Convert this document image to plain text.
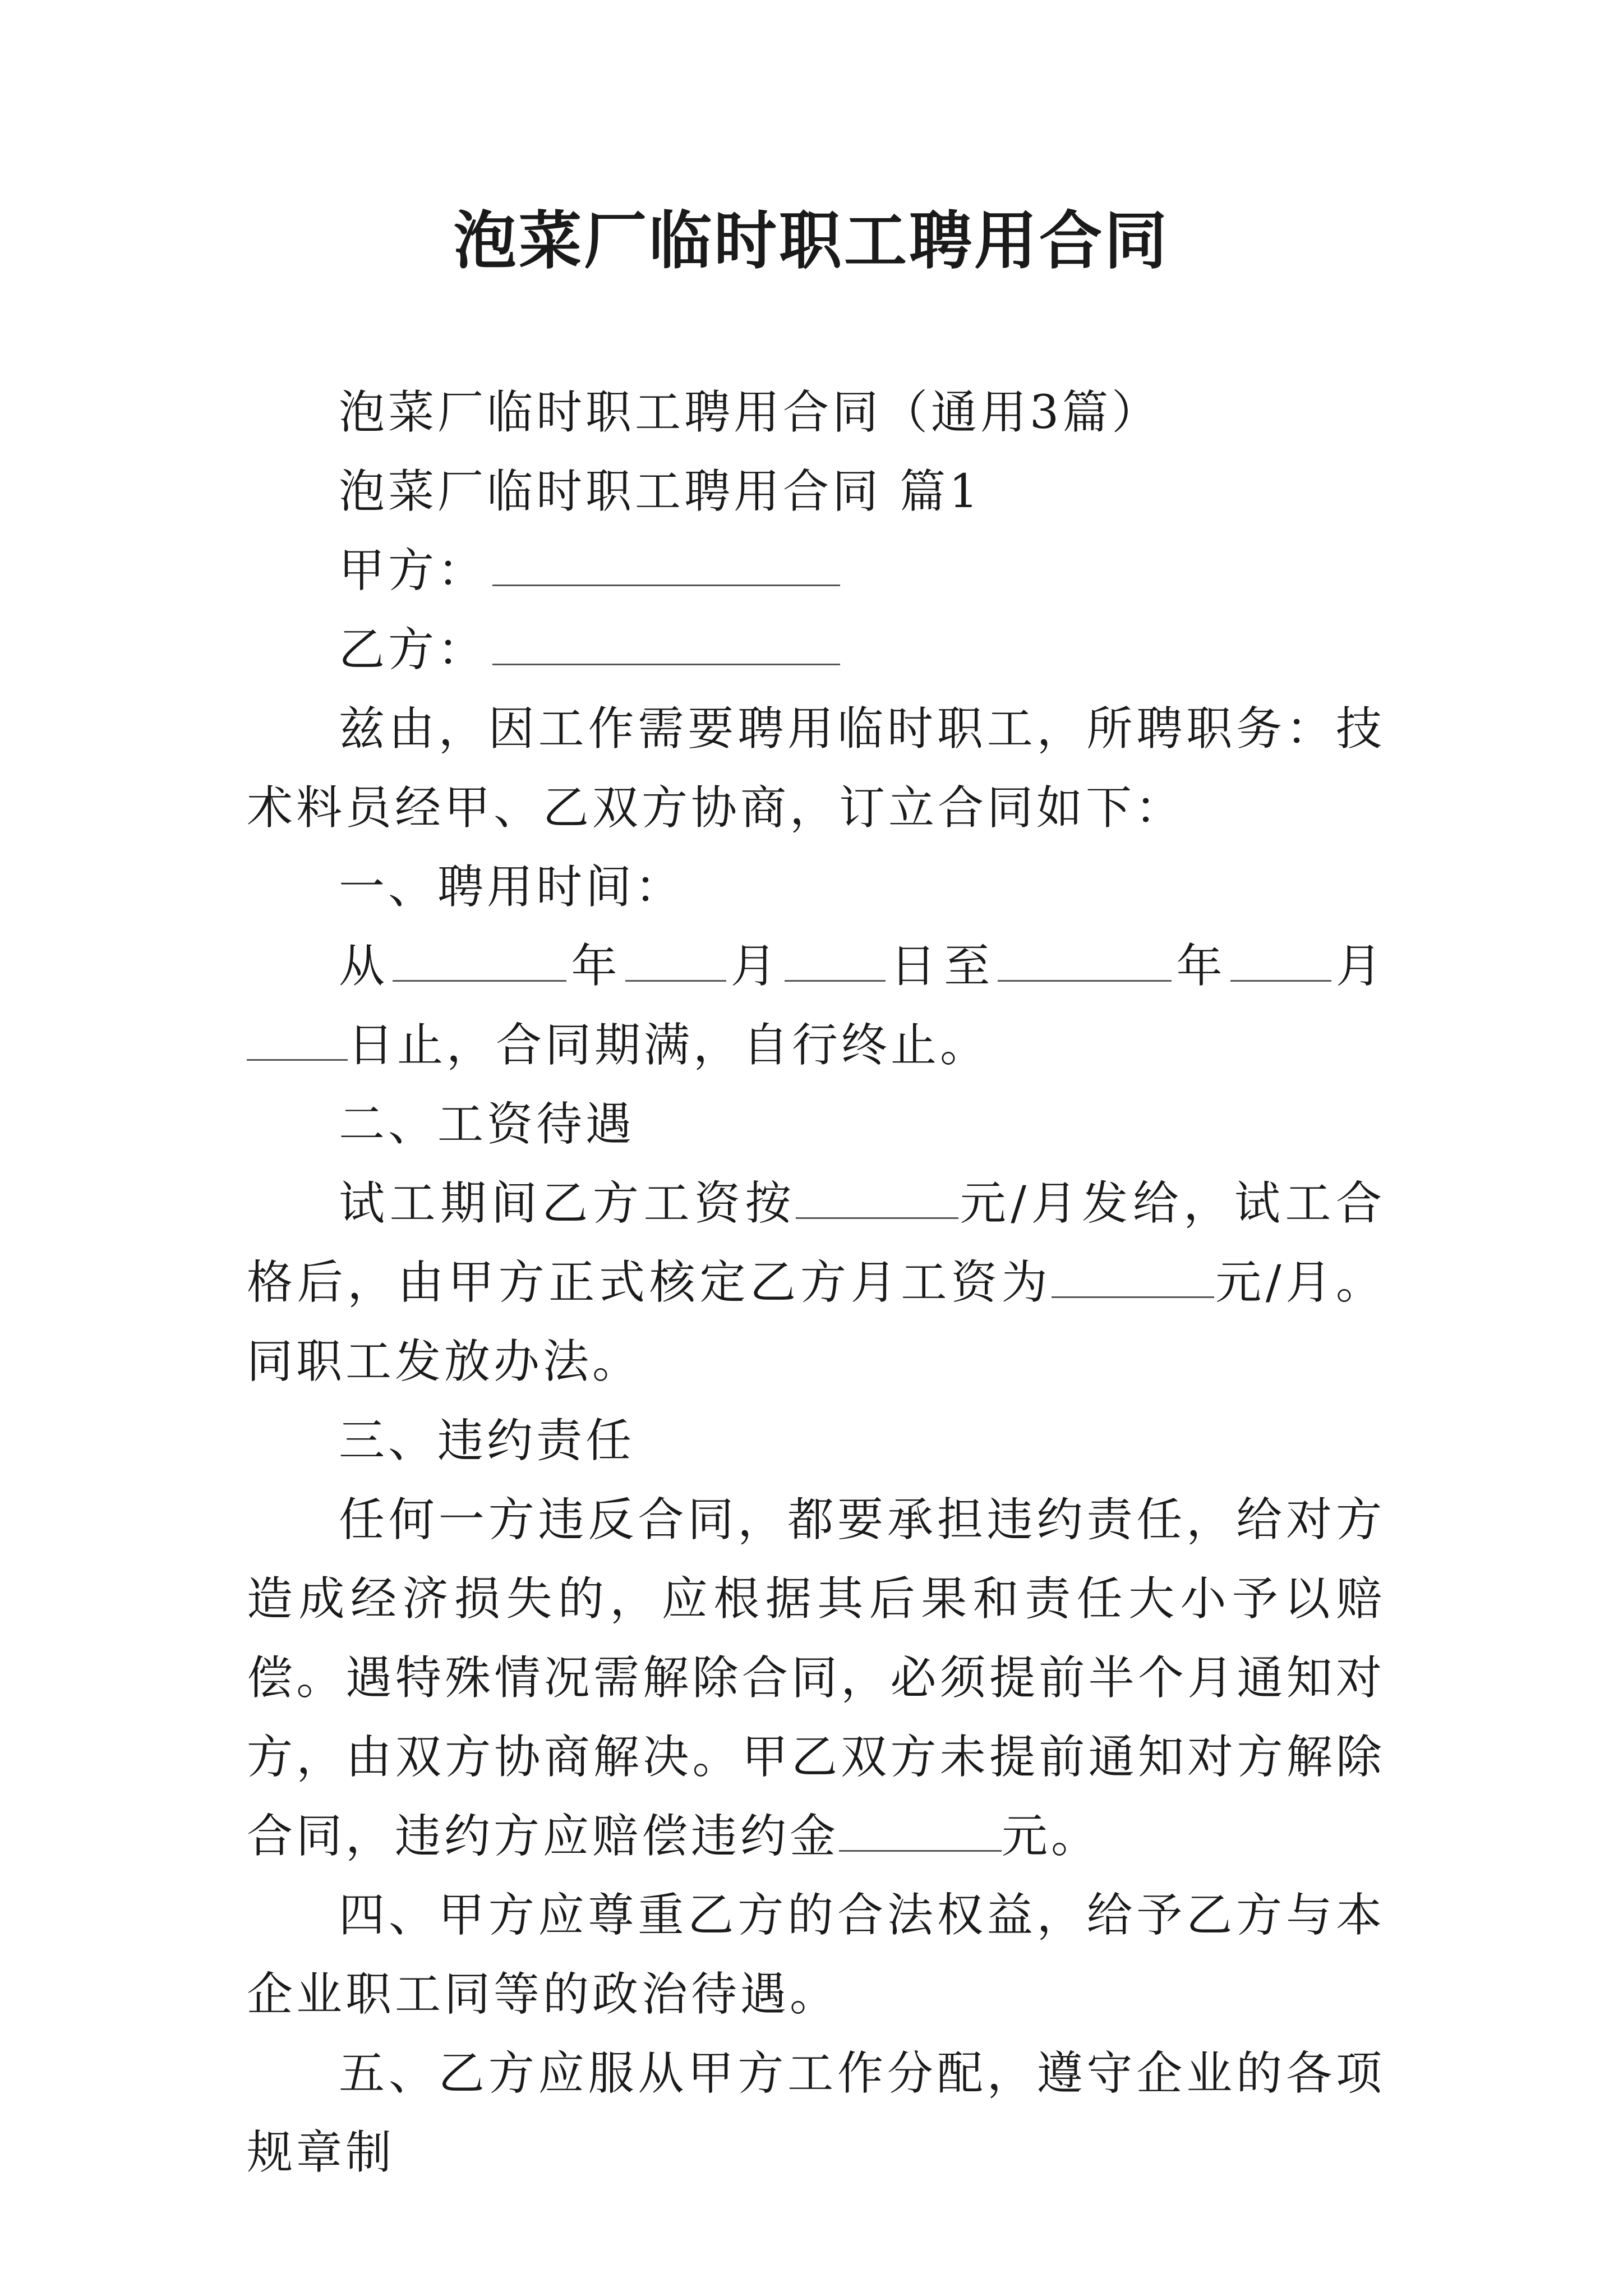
泡菜厂临时职工聘用合同

泡菜厂临时职工聘用合同（通用3篇）

泡菜厂临时职工聘用合同 篇1

甲方：

乙方：

兹由，因工作需要聘用临时职工，所聘职务：技术料员经甲、乙双方协商，订立合同如下：

一、聘用时间：

从	年 月 日至	年 月日止，合同期满，自行终止。

二、工资待遇

试工期间乙方工资按	元/月发给，试工合格后，由甲方正式核定乙方月工资为	元/月。同职工发放办法。

三、违约责任

任何一方违反合同，都要承担违约责任，给对方造成经济损失的，应根据其后果和责任大小予以赔偿。遇特殊情况需解除合同，必须提前半个月通知对方，由双方协商解决。甲乙双方未提前通知对方解除合同，违约方应赔偿违约金	元。

四、甲方应尊重乙方的合法权益，给予乙方与本企业职工同等的政治待遇。

五、乙方应服从甲方工作分配，遵守企业的各项规章制
